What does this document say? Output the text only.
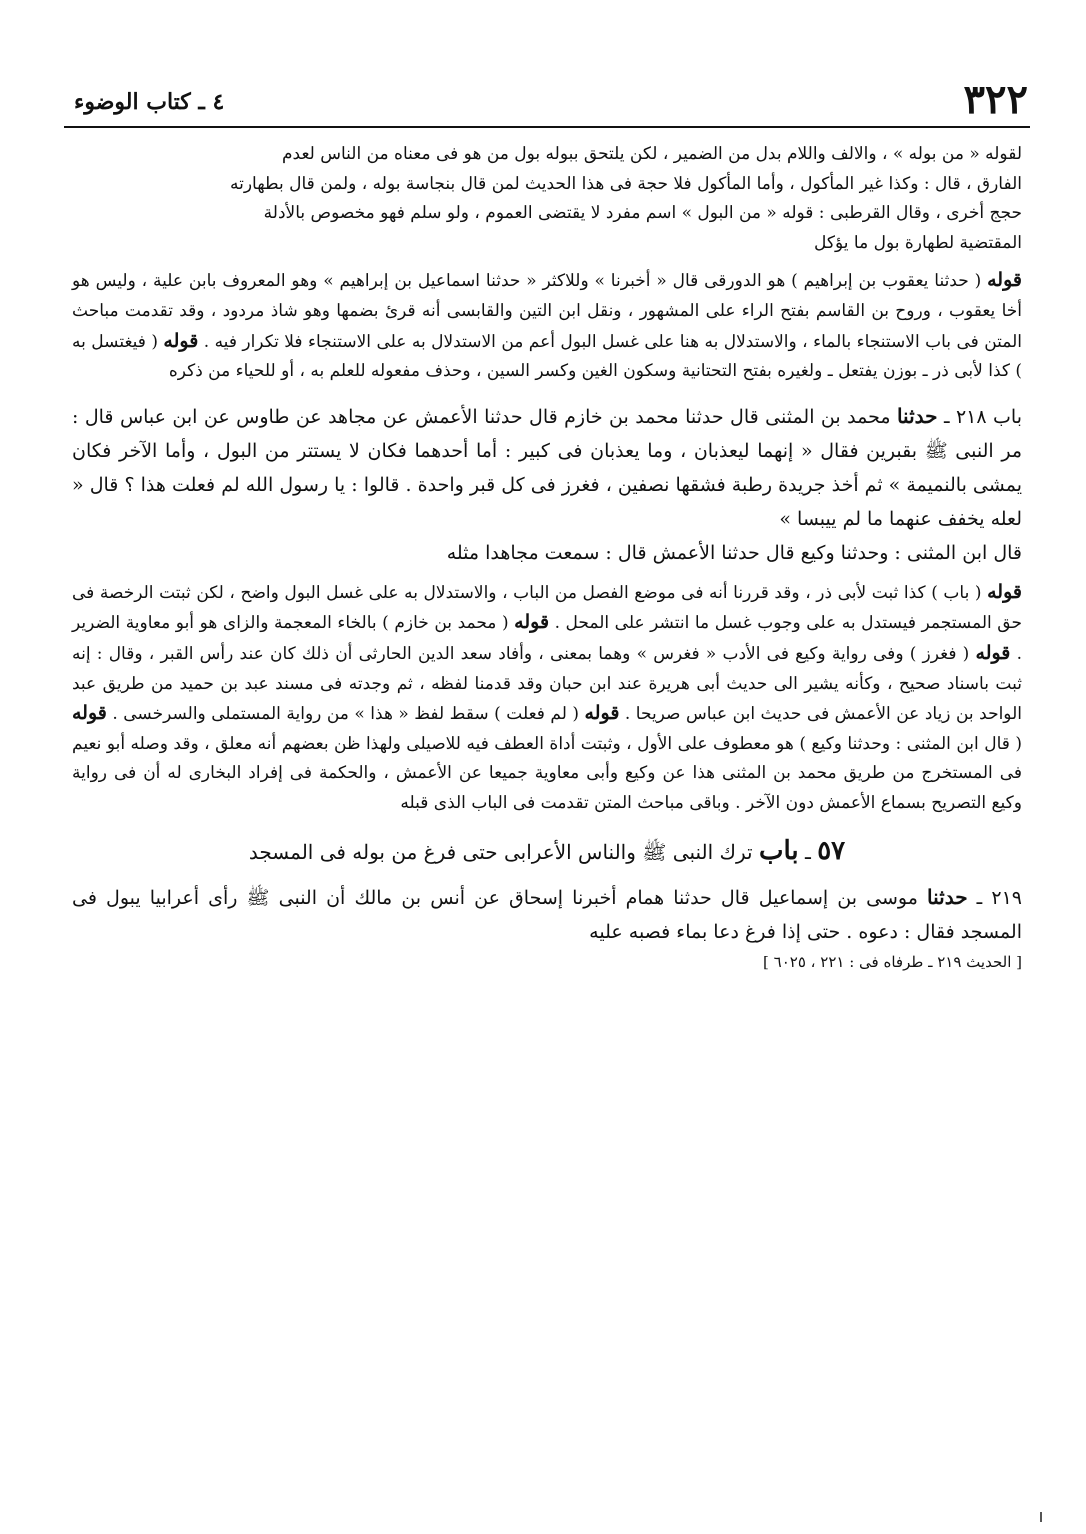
٣٢٢
٤ ـ كتاب الوضوء

لقوله « من بوله » ، والالف واللام بدل من الضمير ، لكن يلتحق ببوله بول من هو فى معناه من الناس لعدم

الفارق ، قال : وكذا غير المأكول ، وأما المأكول فلا حجة فى هذا الحديث لمن قال بنجاسة بوله ، ولمن قال بطهارته

حجج أخرى ، وقال القرطبى : قوله « من البول » اسم مفرد لا يقتضى العموم ، ولو سلم فهو مخصوص بالأدلة

المقتضية لطهارة بول ما يؤكل

قوله ( حدثنا يعقوب بن إبراهيم ) هو الدورقى قال « أخبرنا » وللاكثر « حدثنا اسماعيل بن إبراهيم » وهو المعروف بابن علية ، وليس هو أخا يعقوب ، وروح بن القاسم بفتح الراء على المشهور ، ونقل ابن التين والقابسى أنه قرئ بضمها وهو شاذ مردود ، وقد تقدمت مباحث المتن فى باب الاستنجاء بالماء ، والاستدلال به هنا على غسل البول أعم من الاستدلال به على الاستنجاء فلا تكرار فيه . قوله ( فيغتسل به ) كذا لأبى ذر ـ بوزن يفتعل ـ ولغيره بفتح التحتانية وسكون الغين وكسر السين ، وحذف مفعوله للعلم به ، أو للحياء من ذكره

باب ٢١٨ ـ حدثنا محمد بن المثنى قال حدثنا محمد بن خازم قال حدثنا الأعمش عن مجاهد عن طاوس عن ابن عباس قال : مر النبى ﷺ بقبرين فقال « إنهما ليعذبان ، وما يعذبان فى كبير : أما أحدهما فكان لا يستتر من البول ، وأما الآخر فكان يمشى بالنميمة » ثم أخذ جريدة رطبة فشقها نصفين ، فغرز فى كل قبر واحدة . قالوا : يا رسول الله لم فعلت هذا ؟ قال « لعله يخفف عنهما ما لم ييبسا »

قال ابن المثنى : وحدثنا وكيع قال حدثنا الأعمش قال : سمعت مجاهدا مثله

قوله ( باب ) كذا ثبت لأبى ذر ، وقد قررنا أنه فى موضع الفصل من الباب ، والاستدلال به على غسل البول واضح ، لكن ثبتت الرخصة فى حق المستجمر فيستدل به على وجوب غسل ما انتشر على المحل . قوله ( محمد بن خازم ) بالخاء المعجمة والزاى هو أبو معاوية الضرير . قوله ( فغرز ) وفى رواية وكيع فى الأدب « فغرس » وهما بمعنى ، وأفاد سعد الدين الحارثى أن ذلك كان عند رأس القبر ، وقال : إنه ثبت باسناد صحيح ، وكأنه يشير الى حديث أبى هريرة عند ابن حبان وقد قدمنا لفظه ، ثم وجدته فى مسند عبد بن حميد من طريق عبد الواحد بن زياد عن الأعمش فى حديث ابن عباس صريحا . قوله ( لم فعلت ) سقط لفظ « هذا » من رواية المستملى والسرخسى . قوله ( قال ابن المثنى : وحدثنا وكيع ) هو معطوف على الأول ، وثبتت أداة العطف فيه للاصيلى ولهذا ظن بعضهم أنه معلق ، وقد وصله أبو نعيم فى المستخرج من طريق محمد بن المثنى هذا عن وكيع وأبى معاوية جميعا عن الأعمش ، والحكمة فى إفراد البخارى له أن فى رواية وكيع التصريح بسماع الأعمش دون الآخر . وباقى مباحث المتن تقدمت فى الباب الذى قبله

٥٧ ـ باب ترك النبى ﷺ والناس الأعرابى حتى فرغ من بوله فى المسجد

٢١٩ ـ حدثنا موسى بن إسماعيل قال حدثنا همام أخبرنا إسحاق عن أنس بن مالك أن النبى ﷺ رأى أعرابيا يبول فى المسجد فقال : دعوه . حتى إذا فرغ دعا بماء فصبه عليه

[ الحديث ٢١٩ ـ طرفاه فى : ٢٢١ ، ٦٠٢٥ ]
